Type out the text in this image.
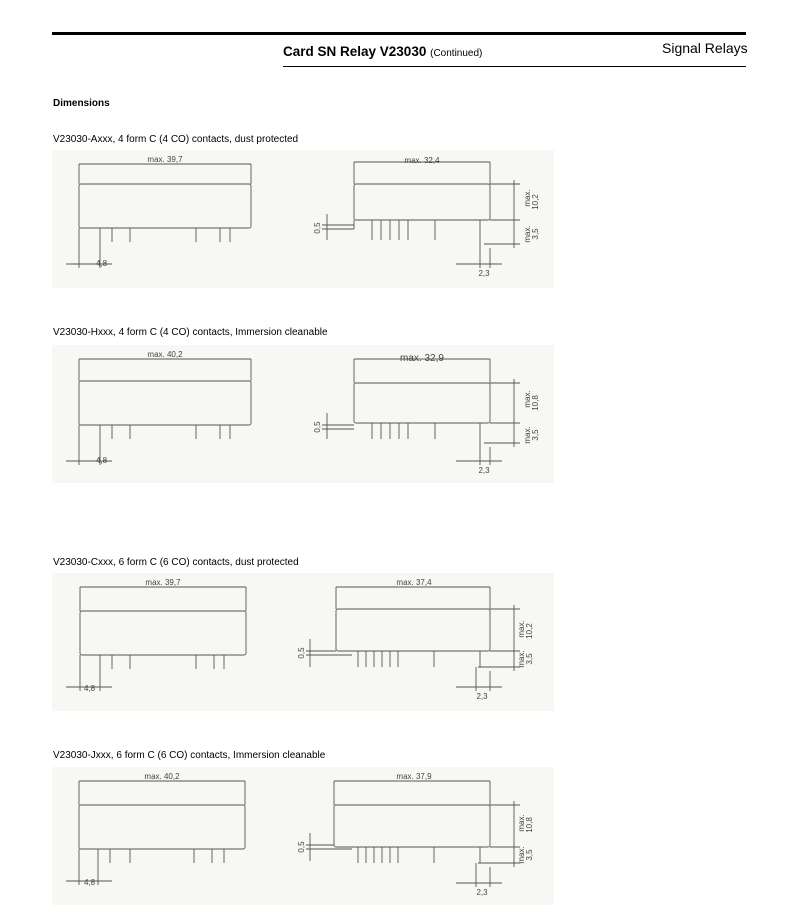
Card SN Relay V23030 (Continued)	Signal Relays
Dimensions
V23030-Axxx, 4 form C (4 CO) contacts, dust protected
max. 39,7
4,8
max. 32,4
max. 10,2
max. 3,5
0,5
2,3
V23030-Hxxx, 4 form C (4 CO) contacts, Immersion cleanable
max. 40,2
4,8
max. 32,9
max. 10,8
max. 3,5
0,5
2,3
V23030-Cxxx, 6 form C (6 CO) contacts, dust protected
max. 39,7
4,8
max. 37,4
max. 10,2
max. 3,5
0,5
2,3
V23030-Jxxx, 6 form C (6 CO) contacts, Immersion cleanable
max. 40,2
4,8
max. 37,9
max. 10,8
max. 3,5
0,5
2,3
